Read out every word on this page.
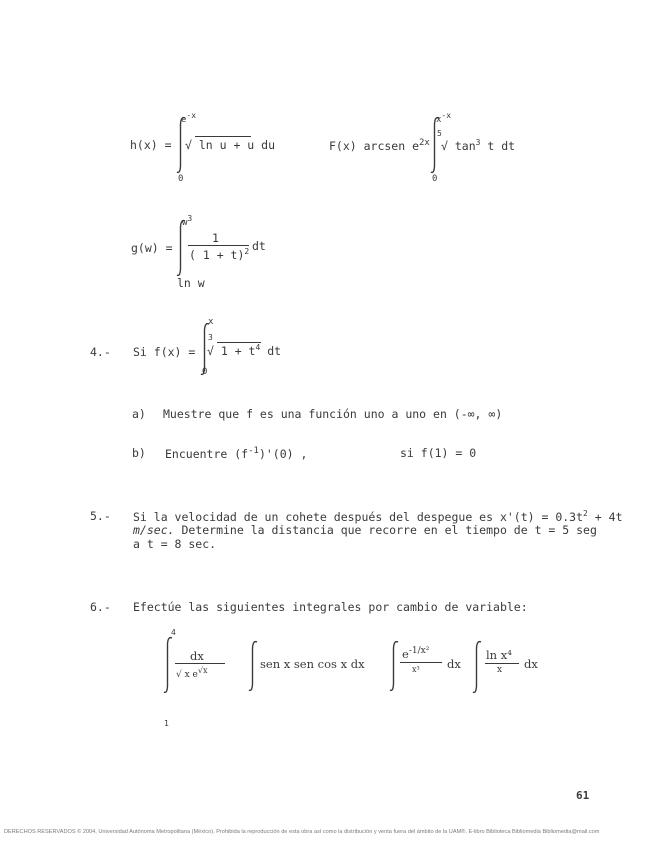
h(x) =
$e^{-x}$
√ ln u + u du
0
F(x) arcsen $e^{2x}$
$x^{-x}$
5
√ $\tan^3 t$ dt
0
g(w) =
$w^3$
1
( 1 + t)$^2$ dt
ln w
4.- Si f(x) =
x
3
√ $1 + t^4$ dt
0
a) Muestre que f es una función uno a uno en (-∞, ∞)
b) Encuentre $(f^{-1})'(0)$ ,	si f(1) = 0
5.- Si la velocidad de un cohete después del despegue es $x'(t) = 0.3t^2 + 4t$
m/sec. Determine la distancia que recorre en el tiempo de t = 5 seg
a t = 8 sec.
6.- Efectúe las siguientes integrales por cambio de variable:
4
dx
√ x $e^{√x}$
1
sen x sen cos x dx
$e^{-1/x^2}$
x³ dx
ln x⁴
x dx
61
DERECHOS RESERVADOS © 2004, Universidad Autónoma Metropolitana (México). Prohibida la reproducción de esta obra así como la distribución y venta fuera del ámbito de la UAM®. E-libro Biblioteca Bibliomedia Bibliomedia@mail.com
